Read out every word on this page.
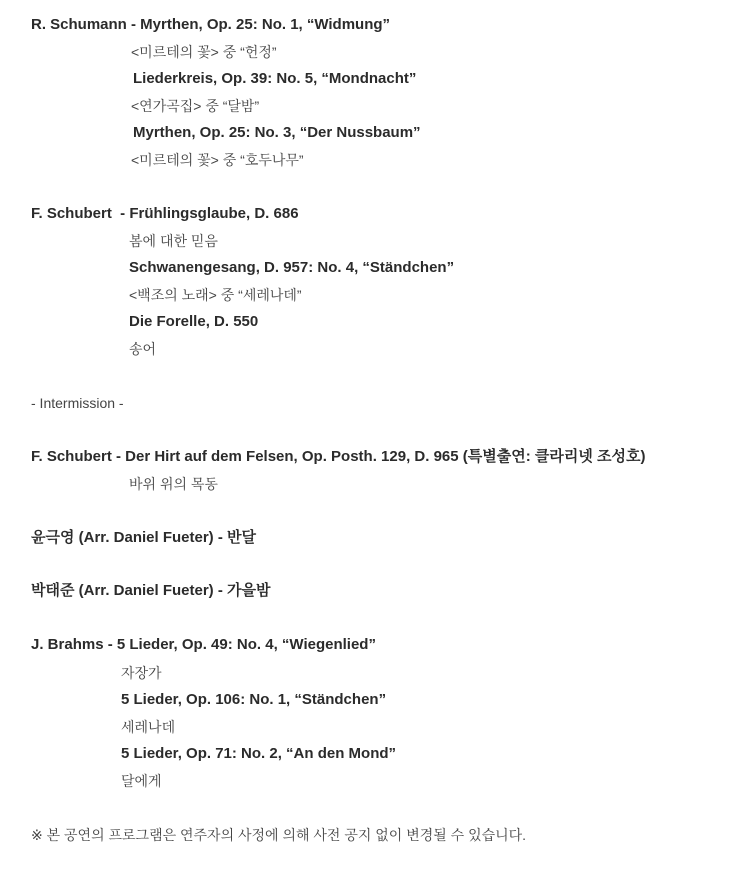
R. Schumann - Myrthen, Op. 25: No. 1, “Widmung”
<미르테의 꽃> 중 “헌정”
Liederkreis, Op. 39: No. 5, “Mondnacht”
<연가곡집> 중 “달밤”
Myrthen, Op. 25: No. 3, “Der Nussbaum”
<미르테의 꽃> 중 “호두나무”
F. Schubert  - Frühlingsglaube, D. 686
봄에 대한 믿음
Schwanengesang, D. 957: No. 4, “Ständchen”
<백조의 노래> 중 “세레나데”
Die Forelle, D. 550
송어
- Intermission -
F. Schubert - Der Hirt auf dem Felsen, Op. Posth. 129, D. 965 (특별출연: 클라리넷 조성호)
바위 위의 목동
윤극영 (Arr. Daniel Fueter) - 반달
박태준 (Arr. Daniel Fueter) - 가을밤
J. Brahms - 5 Lieder, Op. 49: No. 4, “Wiegenlied”
자장가
5 Lieder, Op. 106: No. 1, “Ständchen”
세레나데
5 Lieder, Op. 71: No. 2, “An den Mond”
달에게
※ 본 공연의 프로그램은 연주자의 사정에 의해 사전 공지 없이 변경될 수 있습니다.
